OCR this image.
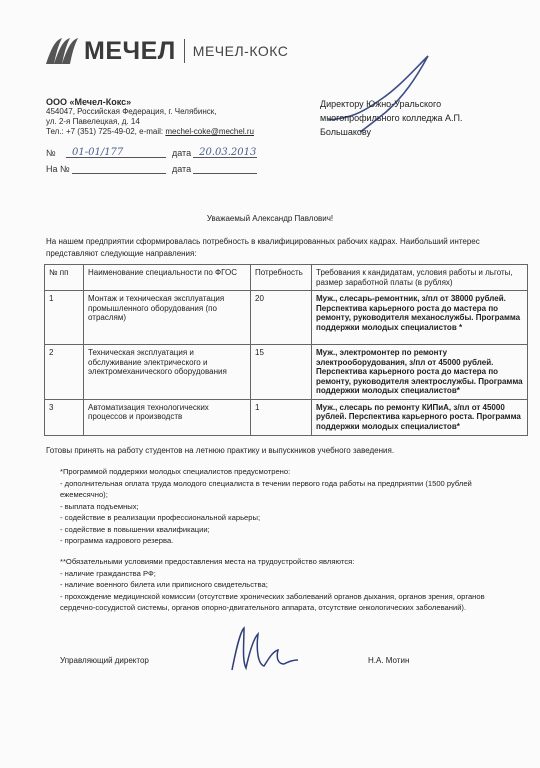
МЕЧЕЛ МЕЧЕЛ-КОКС
ООО «Мечел-Кокс»
454047, Российская Федерация, г. Челябинск,
ул. 2-я Павелецкая, д. 14
Тел.: +7 (351) 725-49-02, e-mail: mechel-coke@mechel.ru
№	01-01/177	дата 20.03.2013
На №	дата
Директору Южно-Уральского
многопрофильного колледжа А.П.
Большакову
Уважаемый Александр Павлович!
На нашем предприятии сформировалась потребность в квалифицированных рабочих кадрах. Наибольший интерес представляют следующие направления:
№ пп	Наименование специальности по ФГОС	Потребность	Требования к кандидатам, условия работы и льготы, размер заработной платы (в рублях)
1	Монтаж и техническая эксплуатация промышленного оборудования (по отраслям)	20	Муж., слесарь-ремонтник, з/пл от 38000 рублей. Перспектива карьерного роста до мастера по ремонту, руководителя механослужбы. Программа поддержки молодых специалистов *
2	Техническая эксплуатация и обслуживание электрического и электромеханического оборудования	15	Муж., электромонтер по ремонту электрооборудования, з/пл от 45000 рублей. Перспектива карьерного роста до мастера по ремонту, руководителя электрослужбы. Программа поддержки молодых специалистов*
3	Автоматизация технологических процессов и производств	1	Муж., слесарь по ремонту КИПиА, з/пл от 45000 рублей. Перспектива карьерного роста. Программа поддержки молодых специалистов*
Готовы принять на работу студентов на летнюю практику и выпускников учебного заведения.
*Программой поддержки молодых специалистов предусмотрено:
- дополнительная оплата труда молодого специалиста в течении первого года работы на предприятии (1500 рублей ежемесячно);
- выплата подъемных;
- содействие в реализации профессиональной карьеры;
- содействие в повышении квалификации;
- программа кадрового резерва.
**Обязательными условиями предоставления места на трудоустройство являются:
- наличие гражданства РФ;
- наличие военного билета или приписного свидетельства;
- прохождение медицинской комиссии (отсутствие хронических заболеваний органов дыхания, органов зрения, органов сердечно-сосудистой системы, органов опорно-двигательного аппарата, отсутствие онкологических заболеваний).
Управляющий директор	Н.А. Мотин
